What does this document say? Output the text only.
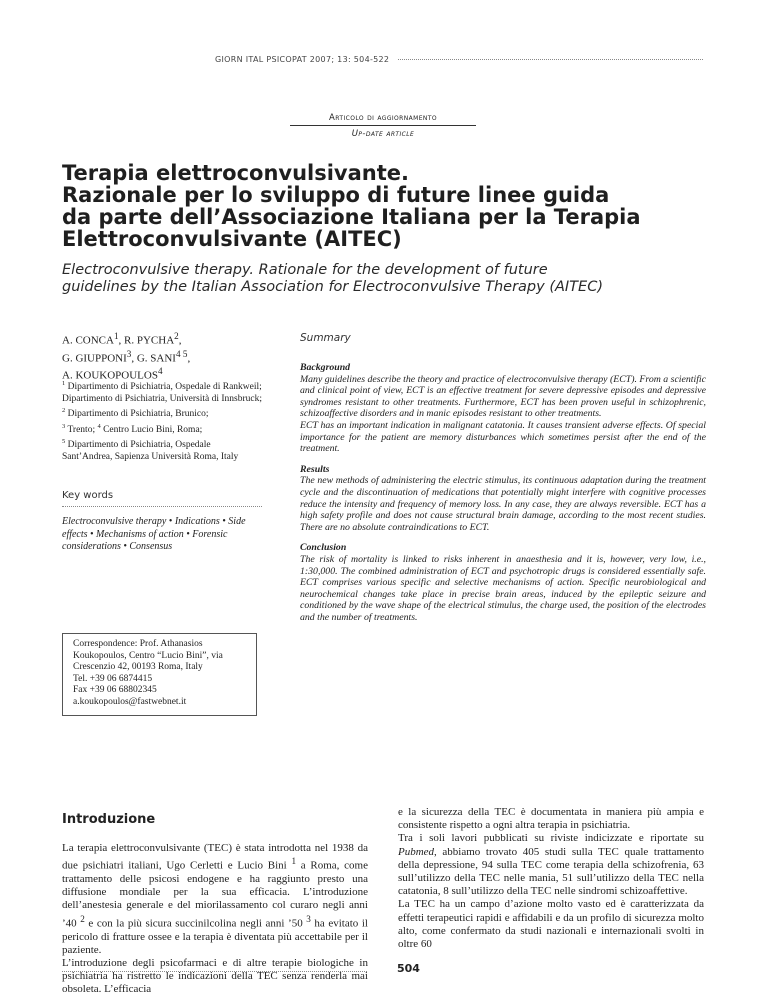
GIORN ITAL PSICOPAT 2007; 13: 504-522
Articolo di aggiornamento
Up-date article
Terapia elettroconvulsivante.
Razionale per lo sviluppo di future linee guida
da parte dell’Associazione Italiana per la Terapia
Elettroconvulsivante (AITEC)
Electroconvulsive therapy. Rationale for the development of future
guidelines by the Italian Association for Electroconvulsive Therapy (AITEC)
A. CONCA$^1$, R. PYCHA$^2$,
G. GIUPPONI$^3$, G. $SANI^{4 5}$,
A. KOUKOPOULOS$^4$
$^1$ Dipartimento di Psichiatria, Ospedale di Rankweil; Dipartimento di Psichiatria, Università di Innsbruck;
$^2$ Dipartimento di Psichiatria, Brunico;
$^3$ Trento; $^4$ Centro Lucio Bini, Roma;
$^5$ Dipartimento di Psichiatria, Ospedale Sant’Andrea, Sapienza Università Roma, Italy
Key words
Electroconvulsive therapy • Indications • Side effects • Mechanisms of action • Forensic considerations • Consensus
Correspondence: Prof. Athanasios Koukopoulos, Centro “Lucio Bini”, via Crescenzio 42, 00193 Roma, Italy
Tel. +39 06 6874415
Fax +39 06 68802345
a.koukopoulos@fastwebnet.it
Summary
Background
Many guidelines describe the theory and practice of electroconvulsive therapy (ECT). From a scientific and clinical point of view, ECT is an effective treatment for severe depressive episodes and depressive syndromes resistant to other treatments. Furthermore, ECT has been proven useful in schizophrenic, schizoaffective disorders and in manic episodes resistant to other treatments.
ECT has an important indication in malignant catatonia. It causes transient adverse effects. Of special importance for the patient are memory disturbances which sometimes persist after the end of the treatment.
Results
The new methods of administering the electric stimulus, its continuous adaptation during the treatment cycle and the discontinuation of medications that potentially might interfere with cognitive processes reduce the intensity and frequency of memory loss. In any case, they are always reversible. ECT has a high safety profile and does not cause structural brain damage, according to the most recent studies. There are no absolute contraindications to ECT.
Conclusion
The risk of mortality is linked to risks inherent in anaesthesia and it is, however, very low, i.e., 1:30,000. The combined administration of ECT and psychotropic drugs is considered essentially safe. ECT comprises various specific and selective mechanisms of action. Specific neurobiological and neurochemical changes take place in precise brain areas, induced by the epileptic seizure and conditioned by the wave shape of the electrical stimulus, the charge used, the position of the electrodes and the number of treatments.
Introduzione

La terapia elettroconvulsivante (TEC) è stata introdotta nel 1938 da due psichiatri italiani, Ugo Cerletti e Lucio Bini $^1$ a Roma, come trattamento delle psicosi endogene e ha raggiunto presto una diffusione mondiale per la sua efficacia. L’introduzione dell’anestesia generale e del miorilassamento col curaro negli anni ’40 $^2$ e con la più sicura succinilcolina negli anni ’50 $^3$ ha evitato il pericolo di fratture ossee e la terapia è diventata più accettabile per il paziente.

L’introduzione degli psicofarmaci e di altre terapie biologiche in psichiatria ha ristretto le indicazioni della TEC senza renderla mai obsoleta. L’efficacia

e la sicurezza della TEC è documentata in maniera più ampia e consistente rispetto a ogni altra terapia in psichiatria.

Tra i soli lavori pubblicati su riviste indicizzate e riportate su Pubmed, abbiamo trovato 405 studi sulla TEC quale trattamento della depressione, 94 sulla TEC come terapia della schizofrenia, 63 sull’utilizzo della TEC nelle mania, 51 sull’utilizzo della TEC nella catatonia, 8 sull’utilizzo della TEC nelle sindromi schizoaffettive.

La TEC ha un campo d’azione molto vasto ed è caratterizzata da effetti terapeutici rapidi e affidabili e da un profilo di sicurezza molto alto, come confermato da studi nazionali e internazionali svolti in oltre 60

504
